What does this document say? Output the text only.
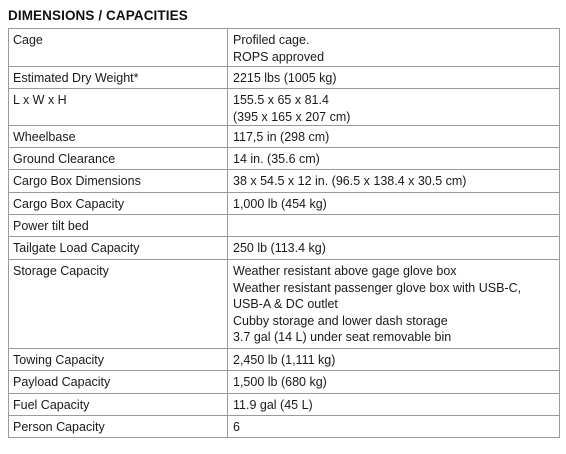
DIMENSIONS / CAPACITIES
Cage	Profiled cage.
ROPS approved

Estimated Dry Weight*	2215 lbs (1005 kg)

L x W x H	155.5 x 65 x 81.4
(395 x 165 x 207 cm)

Wheelbase	117,5 in (298 cm)

Ground Clearance	14 in. (35.6 cm)

Cargo Box Dimensions	38 x 54.5 x 12 in. (96.5 x 138.4 x 30.5 cm)

Cargo Box Capacity	1,000 lb (454 kg)

Power tilt bed	

Tailgate Load Capacity	250 lb (113.4 kg)

Storage Capacity	Weather resistant above gage glove box
Weather resistant passenger glove box with USB-C,
USB-A & DC outlet
Cubby storage and lower dash storage
3.7 gal (14 L) under seat removable bin

Towing Capacity	2,450 lb (1,111 kg)

Payload Capacity	1,500 lb (680 kg)

Fuel Capacity	11.9 gal (45 L)

Person Capacity	6
